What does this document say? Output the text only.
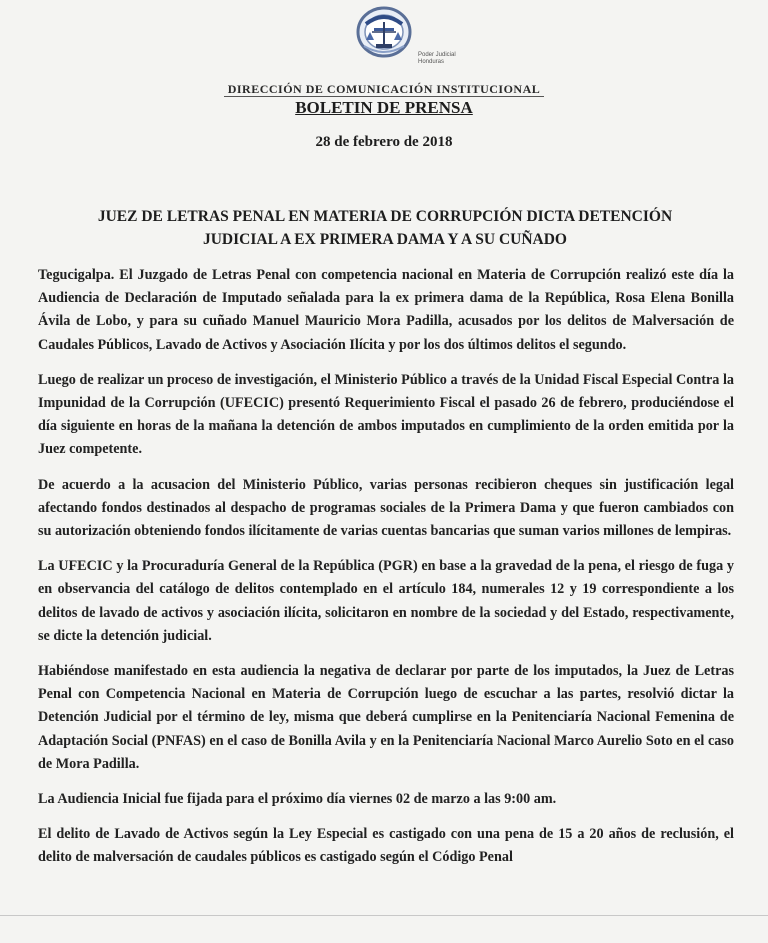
Poder Judicial
Honduras
DIRECCIÓN DE COMUNICACIÓN INSTITUCIONAL
BOLETIN DE PRENSA
28 de febrero de 2018
JUEZ DE LETRAS PENAL EN MATERIA DE CORRUPCIÓN DICTA DETENCIÓN
JUDICIAL A EX PRIMERA DAMA Y A SU CUÑADO

Tegucigalpa. El Juzgado de Letras Penal con competencia nacional en Materia de Corrupción realizó este día la Audiencia de Declaración de Imputado señalada para la ex primera dama de la República, Rosa Elena Bonilla Ávila de Lobo, y para su cuñado Manuel Mauricio Mora Padilla, acusados por los delitos de Malversación de Caudales Públicos, Lavado de Activos y Asociación Ilícita y por los dos últimos delitos el segundo.

Luego de realizar un proceso de investigación, el Ministerio Público a través de la Unidad Fiscal Especial Contra la Impunidad de la Corrupción (UFECIC) presentó Requerimiento Fiscal el pasado 26 de febrero, produciéndose el día siguiente en horas de la mañana la detención de ambos imputados en cumplimiento de la orden emitida por la Juez competente.

De acuerdo a la acusacion del Ministerio Público, varias personas recibieron cheques sin justificación legal afectando fondos destinados al despacho de programas sociales de la Primera Dama y que fueron cambiados con su autorización obteniendo fondos ilícitamente de varias cuentas bancarias que suman varios millones de lempiras.

La UFECIC y la Procuraduría General de la República (PGR) en base a la gravedad de la pena, el riesgo de fuga y en observancia del catálogo de delitos contemplado en el artículo 184, numerales 12 y 19 correspondiente a los delitos de lavado de activos y asociación ilícita, solicitaron en nombre de la sociedad y del Estado, respectivamente, se dicte la detención judicial.

Habiéndose manifestado en esta audiencia la negativa de declarar por parte de los imputados, la Juez de Letras Penal con Competencia Nacional en Materia de Corrupción luego de escuchar a las partes, resolvió dictar la Detención Judicial por el término de ley, misma que deberá cumplirse en la Penitenciaría Nacional Femenina de Adaptación Social (PNFAS) en el caso de Bonilla Avila y en la Penitenciaría Nacional Marco Aurelio Soto en el caso de Mora Padilla.

La Audiencia Inicial fue fijada para el próximo día viernes 02 de marzo a las 9:00 am.

El delito de Lavado de Activos según la Ley Especial es castigado con una pena de 15 a 20 años de reclusión, el delito de malversación de caudales públicos es castigado según el Código Penal
